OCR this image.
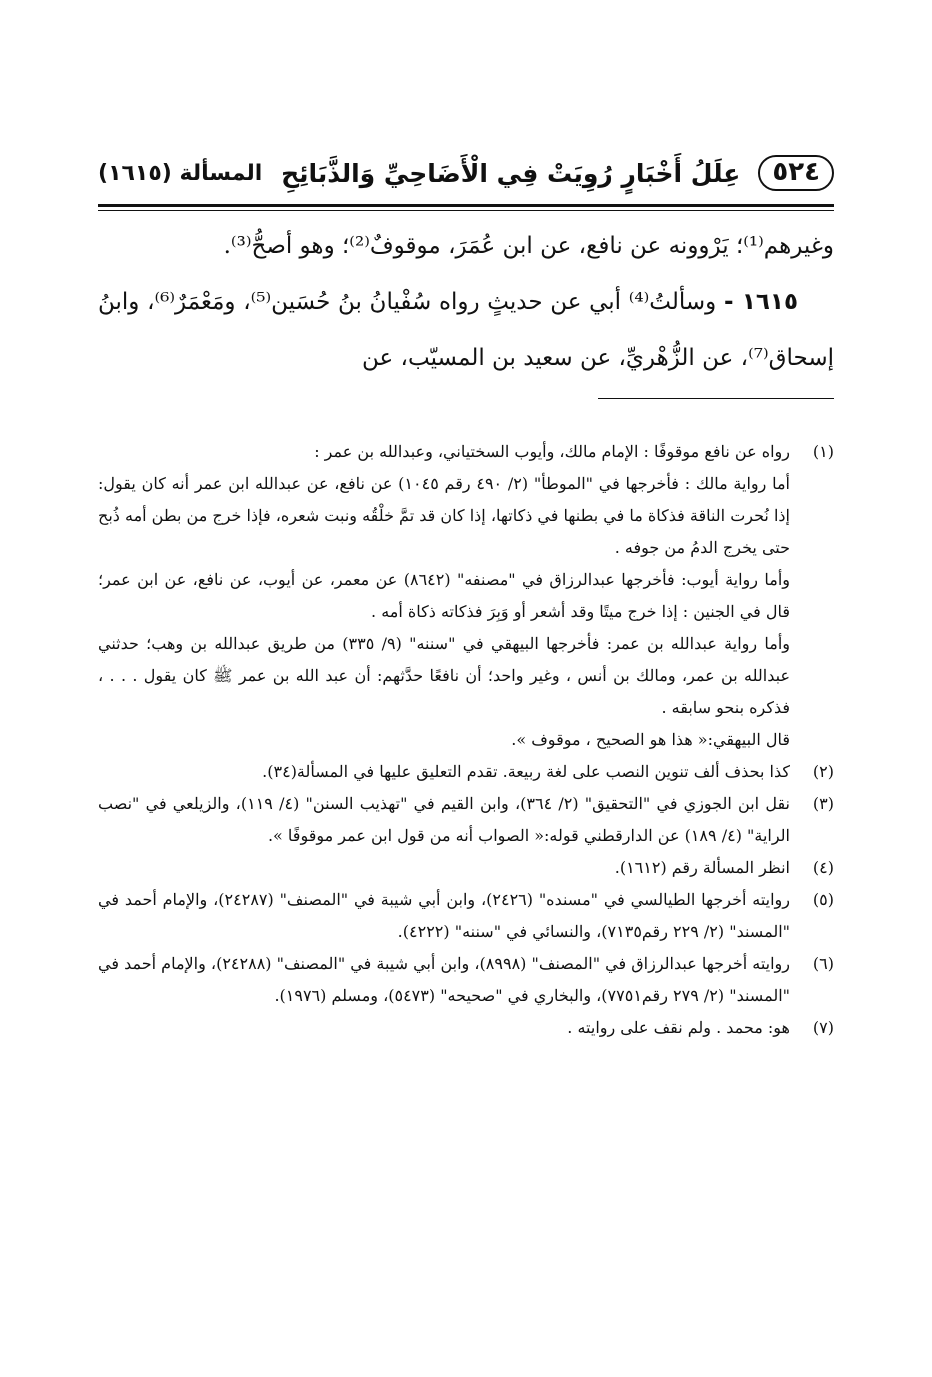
٥٢٤
عِلَلُ أَخْبَارٍ رُوِيَتْ فِي الْأَضَاحِيِّ وَالذَّبَائِحِ
المسألة (١٦١٥)

وغيرهم⁽¹⁾؛ يَرْوونه عن نافع، عن ابن عُمَرَ، موقوفٌ⁽²⁾؛ وهو أصحُّ⁽³⁾.

١٦١٥ - وسألتُ⁽⁴⁾ أبي عن حديثٍ رواه سُفْيانُ بنُ حُسَين⁽⁵⁾، ومَعْمَرٌ⁽⁶⁾، وابنُ إسحاق⁽⁷⁾، عن الزُّهْريِّ، عن سعيد بن المسيّب، عن

(١)

رواه عن نافع موقوفًا : الإمام مالك، وأيوب السختياني، وعبدالله بن عمر :

أما رواية مالك : فأخرجها في "الموطأ" (٢/ ٤٩٠ رقم ١٠٤٥) عن نافع، عن عبدالله ابن عمر أنه كان يقول: إذا نُحرت الناقة فذكاة ما في بطنها في ذكاتها، إذا كان قد تمَّ خلْقُه ونبت شعره، فإذا خرج من بطن أمه ذُبح حتى يخرج الدمُ من جوفه .

وأما رواية أيوب: فأخرجها عبدالرزاق في "مصنفه" (٨٦٤٢) عن معمر، عن أيوب، عن نافع، عن ابن عمر؛ قال في الجنين : إذا خرج ميتًا وقد أشعر أو وَبِرَ فذكاته ذكاة أمه .

وأما رواية عبدالله بن عمر: فأخرجها البيهقي في "سننه" (٩/ ٣٣٥) من طريق عبدالله بن وهب؛ حدثني عبدالله بن عمر، ومالك بن أنس ، وغير واحد؛ أن نافعًا حدَّثهم: أن عبد الله بن عمر ﷺ كان يقول . . . ، فذكره بنحو سابقه .

قال البيهقي:« هذا هو الصحيح ، موقوف ».

(٢)

كذا بحذف ألف تنوين النصب على لغة ربيعة. تقدم التعليق عليها في المسألة(٣٤).

(٣)

نقل ابن الجوزي في "التحقيق" (٢/ ٣٦٤)، وابن القيم في "تهذيب السنن" (٤/ ١١٩)، والزيلعي في "نصب الراية" (٤/ ١٨٩) عن الدارقطني قوله:« الصواب أنه من قول ابن عمر موقوفًا ».

(٤)

انظر المسألة رقم (١٦١٢).

(٥)

روايته أخرجها الطيالسي في "مسنده" (٢٤٢٦)، وابن أبي شيبة في "المصنف" (٢٤٢٨٧)، والإمام أحمد في "المسند" (٢/ ٢٢٩ رقم٧١٣٥)، والنسائي في "سننه" (٤٢٢٢).

(٦)

روايته أخرجها عبدالرزاق في "المصنف" (٨٩٩٨)، وابن أبي شيبة في "المصنف" (٢٤٢٨٨)، والإمام أحمد في "المسند" (٢/ ٢٧٩ رقم٧٧٥١)، والبخاري في "صحيحه" (٥٤٧٣)، ومسلم (١٩٧٦).

(٧)

هو: محمد . ولم نقف على روايته .
